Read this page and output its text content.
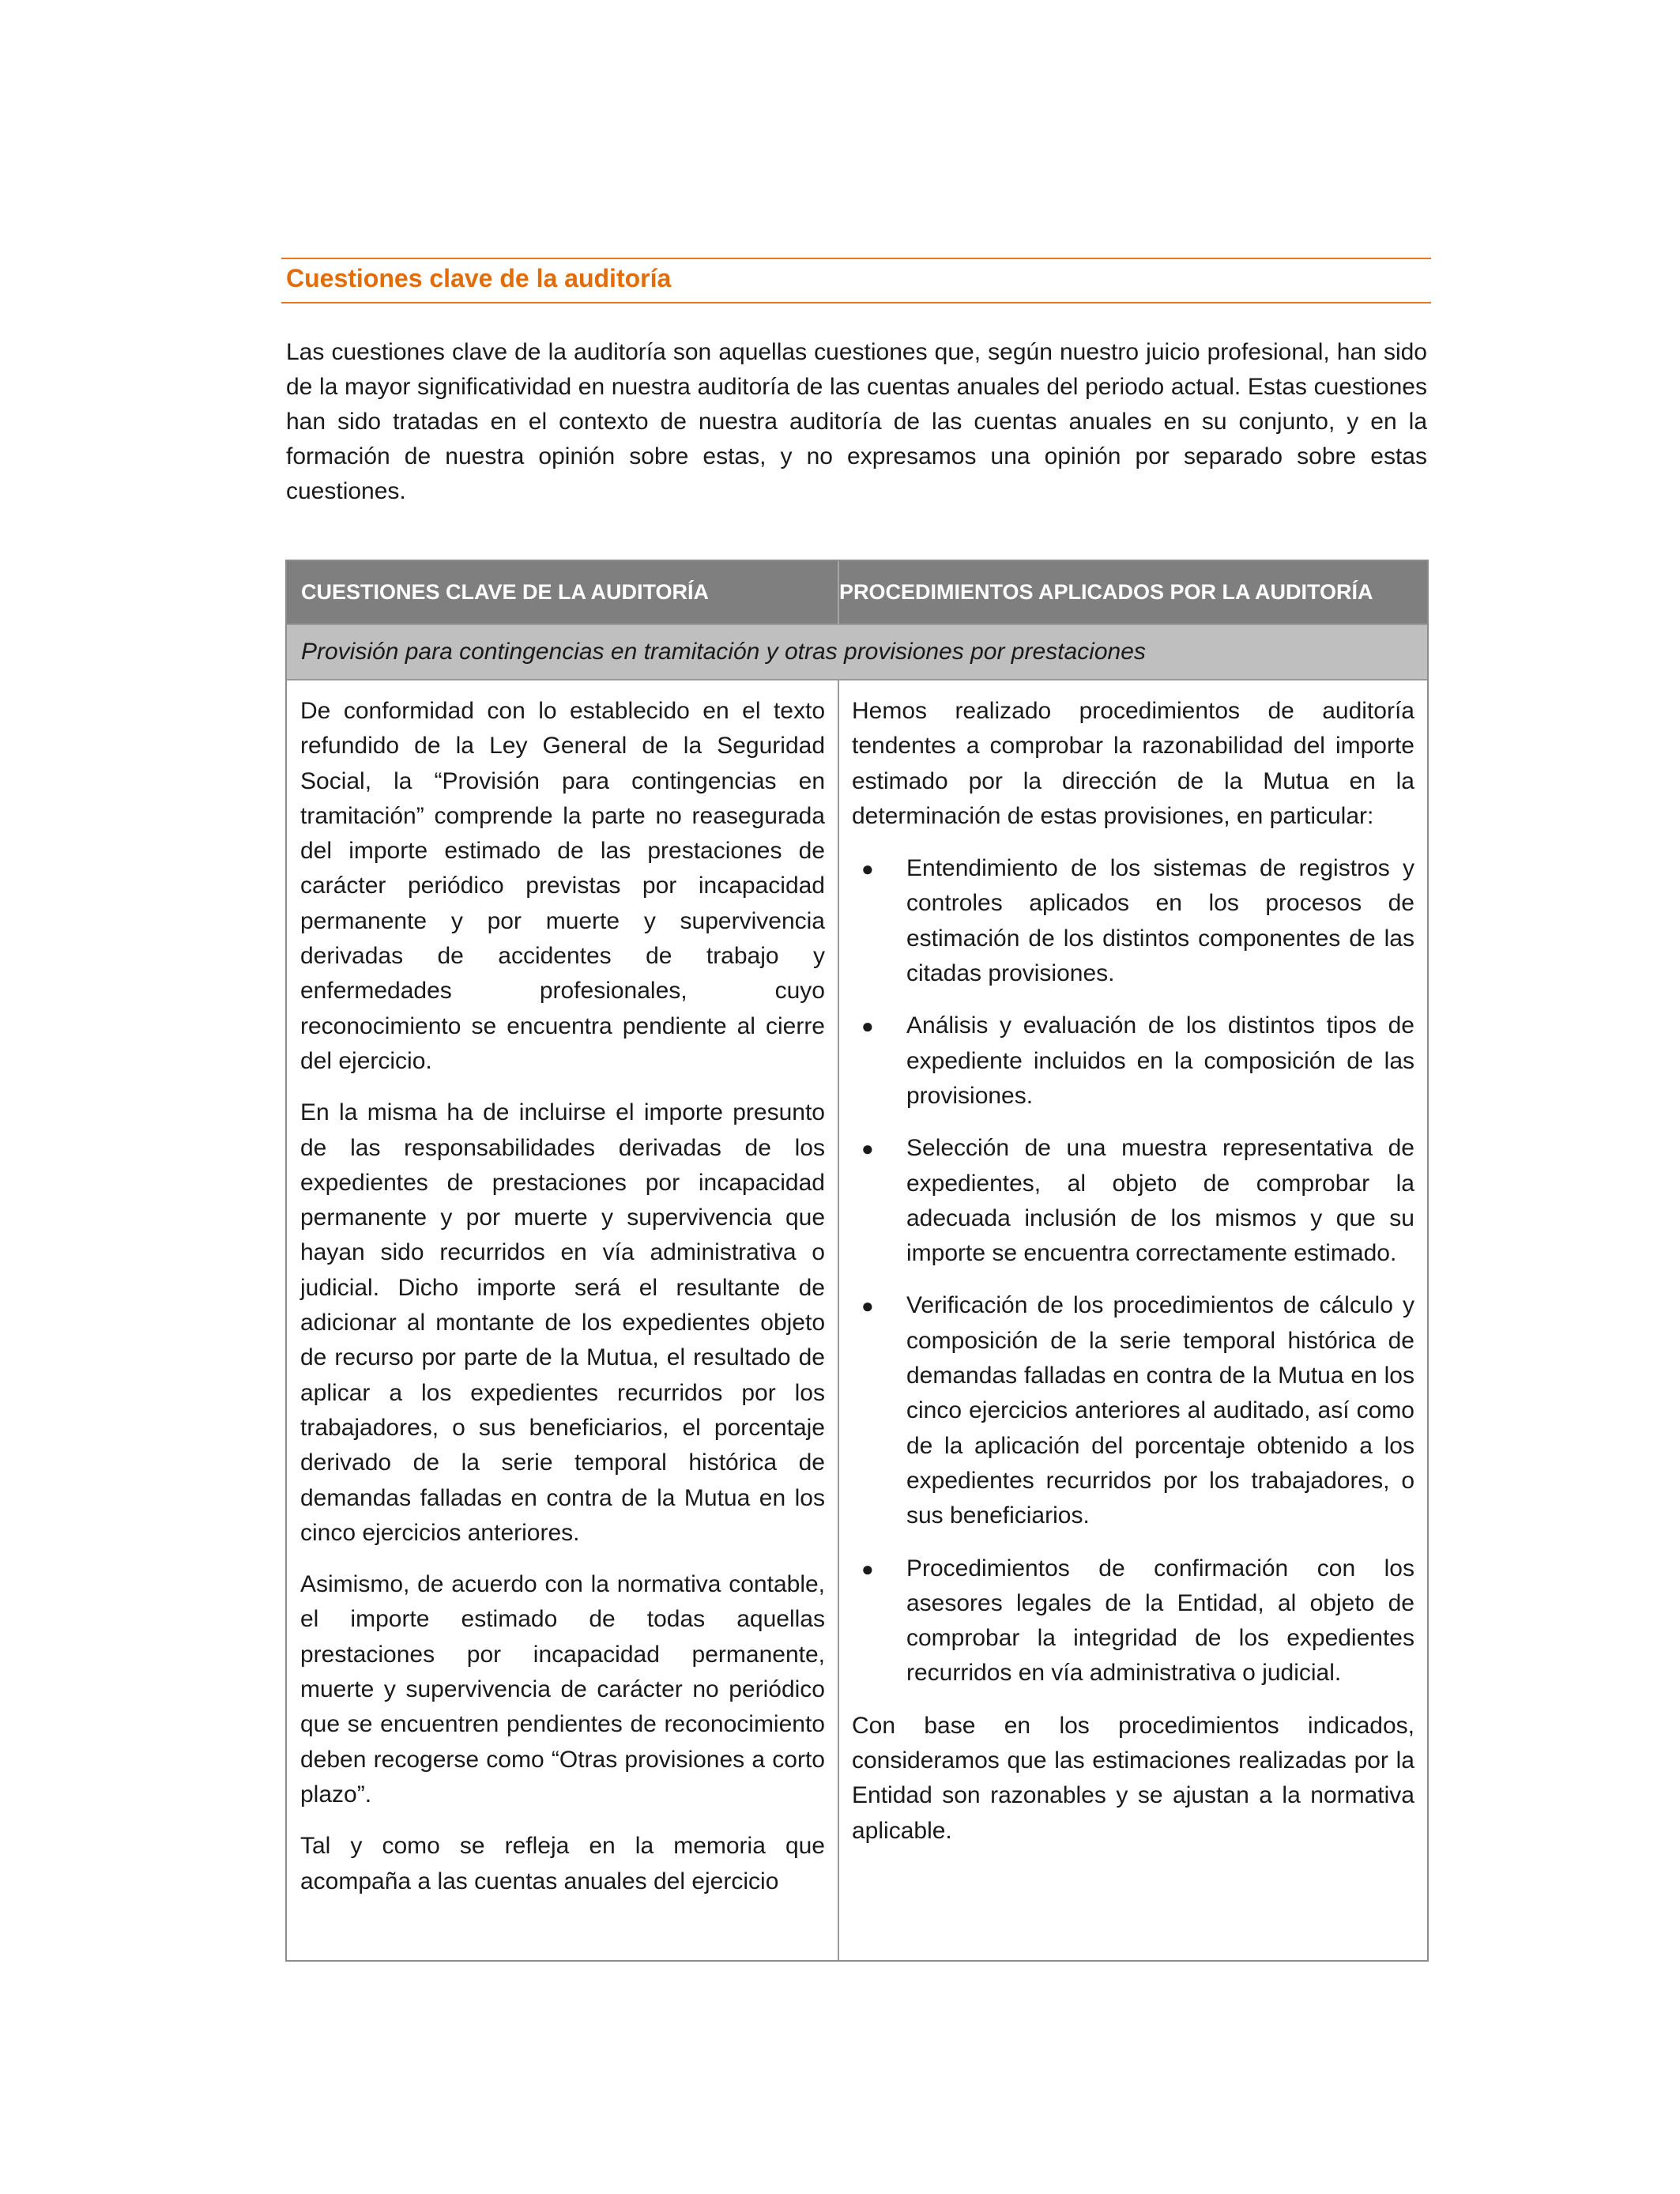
Cuestiones clave de la auditoría
Las cuestiones clave de la auditoría son aquellas cuestiones que, según nuestro juicio profesional, han sido de la mayor significatividad en nuestra auditoría de las cuentas anuales del periodo actual. Estas cuestiones han sido tratadas en el contexto de nuestra auditoría de las cuentas anuales en su conjunto, y en la formación de nuestra opinión sobre estas, y no expresamos una opinión por separado sobre estas cuestiones.
CUESTIONES CLAVE DE LA AUDITORÍA	PROCEDIMIENTOS APLICADOS POR LA AUDITORÍA
Provisión para contingencias en tramitación y otras provisiones por prestaciones

De conformidad con lo establecido en el texto refundido de la Ley General de la Seguridad Social, la “Provisión para contingencias en tramitación” comprende la parte no reasegurada del importe estimado de las prestaciones de carácter periódico previstas por incapacidad permanente y por muerte y supervivencia derivadas de accidentes de trabajo y enfermedades profesionales, cuyo reconocimiento se encuentra pendiente al cierre del ejercicio.

En la misma ha de incluirse el importe presunto de las responsabilidades derivadas de los expedientes de prestaciones por incapacidad permanente y por muerte y supervivencia que hayan sido recurridos en vía administrativa o judicial. Dicho importe será el resultante de adicionar al montante de los expedientes objeto de recurso por parte de la Mutua, el resultado de aplicar a los expedientes recurridos por los trabajadores, o sus beneficiarios, el porcentaje derivado de la serie temporal histórica de demandas falladas en contra de la Mutua en los cinco ejercicios anteriores.

Asimismo, de acuerdo con la normativa contable, el importe estimado de todas aquellas prestaciones por incapacidad permanente, muerte y supervivencia de carácter no periódico que se encuentren pendientes de reconocimiento deben recogerse como “Otras provisiones a corto plazo”.

Tal y como se refleja en la memoria que acompaña a las cuentas anuales del ejercicio

Hemos realizado procedimientos de auditoría tendentes a comprobar la razonabilidad del importe estimado por la dirección de la Mutua en la determinación de estas provisiones, en particular:

● Entendimiento de los sistemas de registros y controles aplicados en los procesos de estimación de los distintos componentes de las citadas provisiones.
● Análisis y evaluación de los distintos tipos de expediente incluidos en la composición de las provisiones.
● Selección de una muestra representativa de expedientes, al objeto de comprobar la adecuada inclusión de los mismos y que su importe se encuentra correctamente estimado.
● Verificación de los procedimientos de cálculo y composición de la serie temporal histórica de demandas falladas en contra de la Mutua en los cinco ejercicios anteriores al auditado, así como de la aplicación del porcentaje obtenido a los expedientes recurridos por los trabajadores, o sus beneficiarios.
● Procedimientos de confirmación con los asesores legales de la Entidad, al objeto de comprobar la integridad de los expedientes recurridos en vía administrativa o judicial.

Con base en los procedimientos indicados, consideramos que las estimaciones realizadas por la Entidad son razonables y se ajustan a la normativa aplicable.
